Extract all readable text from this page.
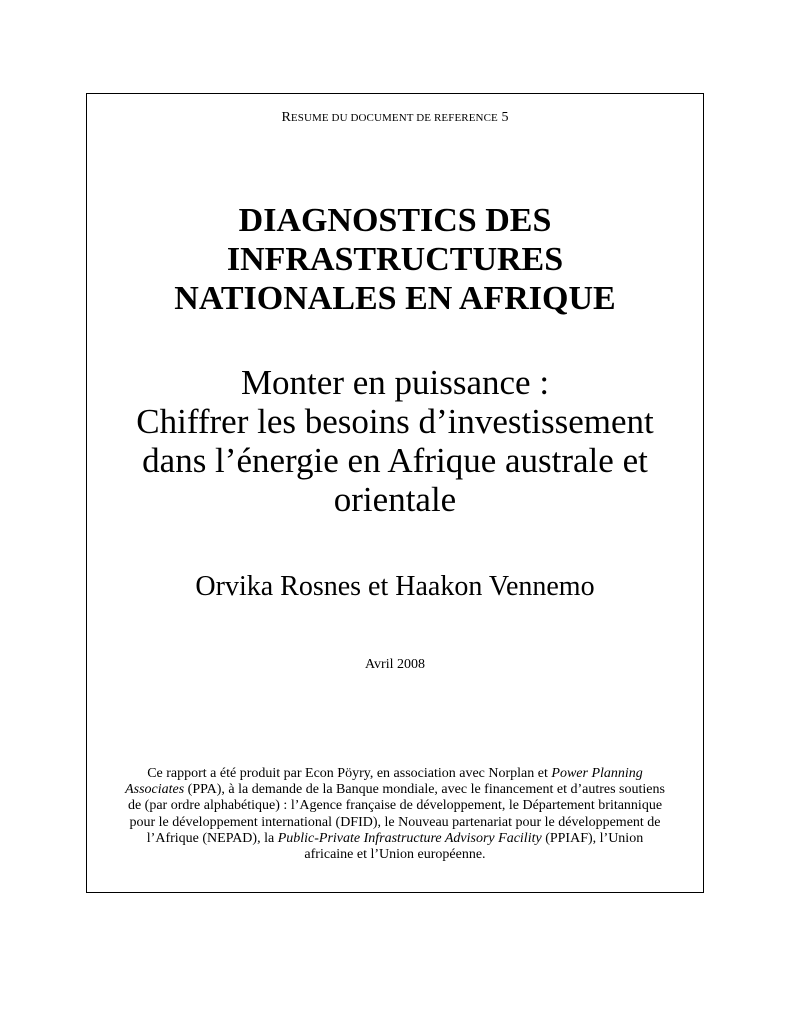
RESUME DU DOCUMENT DE REFERENCE 5
DIAGNOSTICS DES
INFRASTRUCTURES
NATIONALES EN AFRIQUE
Monter en puissance :
Chiffrer les besoins d’investissement
dans l’énergie en Afrique australe et
orientale
Orvika Rosnes et Haakon Vennemo
Avril 2008
Ce rapport a été produit par Econ Pöyry, en association avec Norplan et Power Planning
Associates (PPA), à la demande de la Banque mondiale, avec le financement et d’autres soutiens
de (par ordre alphabétique) : l’Agence française de développement, le Département britannique
pour le développement international (DFID), le Nouveau partenariat pour le développement de
l’Afrique (NEPAD), la Public-Private Infrastructure Advisory Facility (PPIAF), l’Union
africaine et l’Union européenne.
